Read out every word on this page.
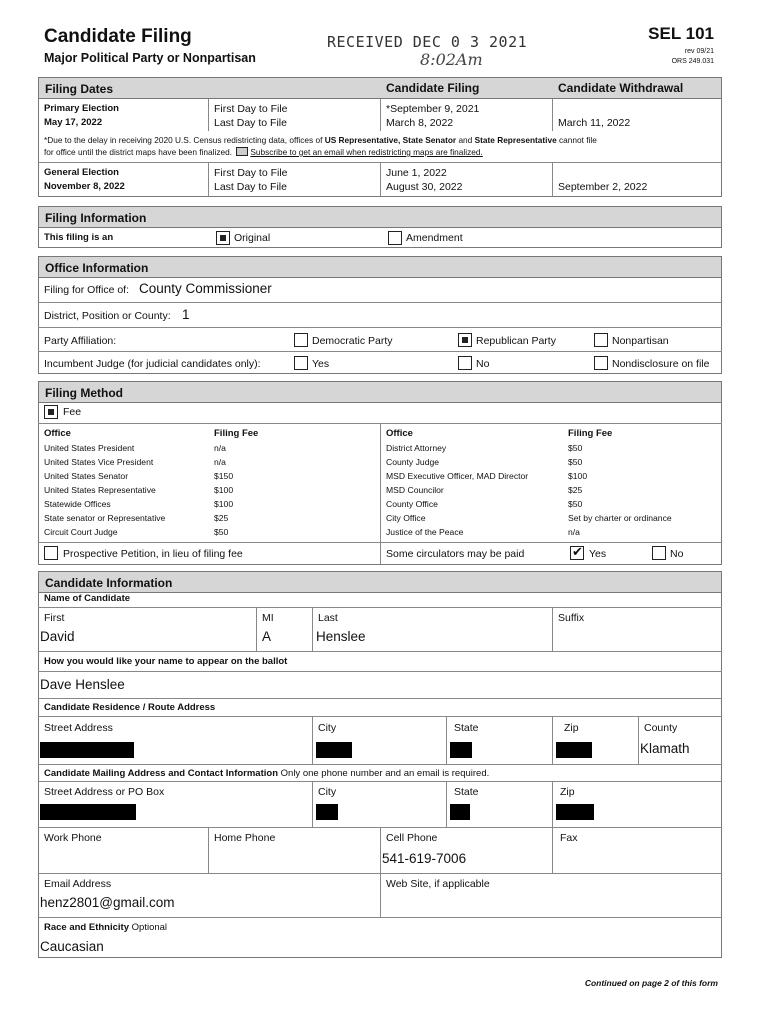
Candidate Filing
Major Political Party or Nonpartisan
RECEIVED DEC 0 3 2021
8:02Am
SEL 101
rev 09/21
ORS 249.031
Filing Dates	Candidate Filing	Candidate Withdrawal
Primary Election
May 17, 2022
First Day to File
Last Day to File
*September 9, 2021
March 8, 2022	March 11, 2022
*Due to the delay in receiving 2020 U.S. Census redistricting data, offices of US Representative, State Senator and State Representative cannot file
for office until the district maps have been finalized. Subscribe to get an email when redistricting maps are finalized.
General Election
November 8, 2022
First Day to File
Last Day to File
June 1, 2022
August 30, 2022	September 2, 2022
Filing Information
This filing is an	Original	Amendment
Office Information
Filing for Office of: County Commissioner
District, Position or County: 1
Party Affiliation:	Democratic Party	Republican Party	Nonpartisan
Incumbent Judge (for judicial candidates only):	Yes	No	Nondisclosure on file
Filing Method
Fee
Office	Filing Fee	Office	Filing Fee
United States President	n/a
United States Vice President	n/a
United States Senator	$150
United States Representative	$100
Statewide Offices	$100
State senator or Representative	$25
Circuit Court Judge	$50
District Attorney	$50
County Judge	$50
MSD Executive Officer, MAD Director	$100
MSD Councilor	$25
County Office	$50
City Office	Set by charter or ordinance
Justice of the Peace	n/a
Prospective Petition, in lieu of filing fee	Some circulators may be paid
✔	Yes	No
Candidate Information
Name of Candidate
First	MI	Last	Suffix
David	A	Henslee
How you would like your name to appear on the ballot
Dave Henslee
Candidate Residence / Route Address
Street Address	City	State	Zip	County
Klamath
Candidate Mailing Address and Contact Information Only one phone number and an email is required.
Street Address or PO Box	City	State	Zip
Work Phone	Home Phone	Cell Phone	Fax
541-619-7006
Email Address	Web Site, if applicable
henz2801@gmail.com
Race and Ethnicity Optional
Caucasian
Continued on page 2 of this form
